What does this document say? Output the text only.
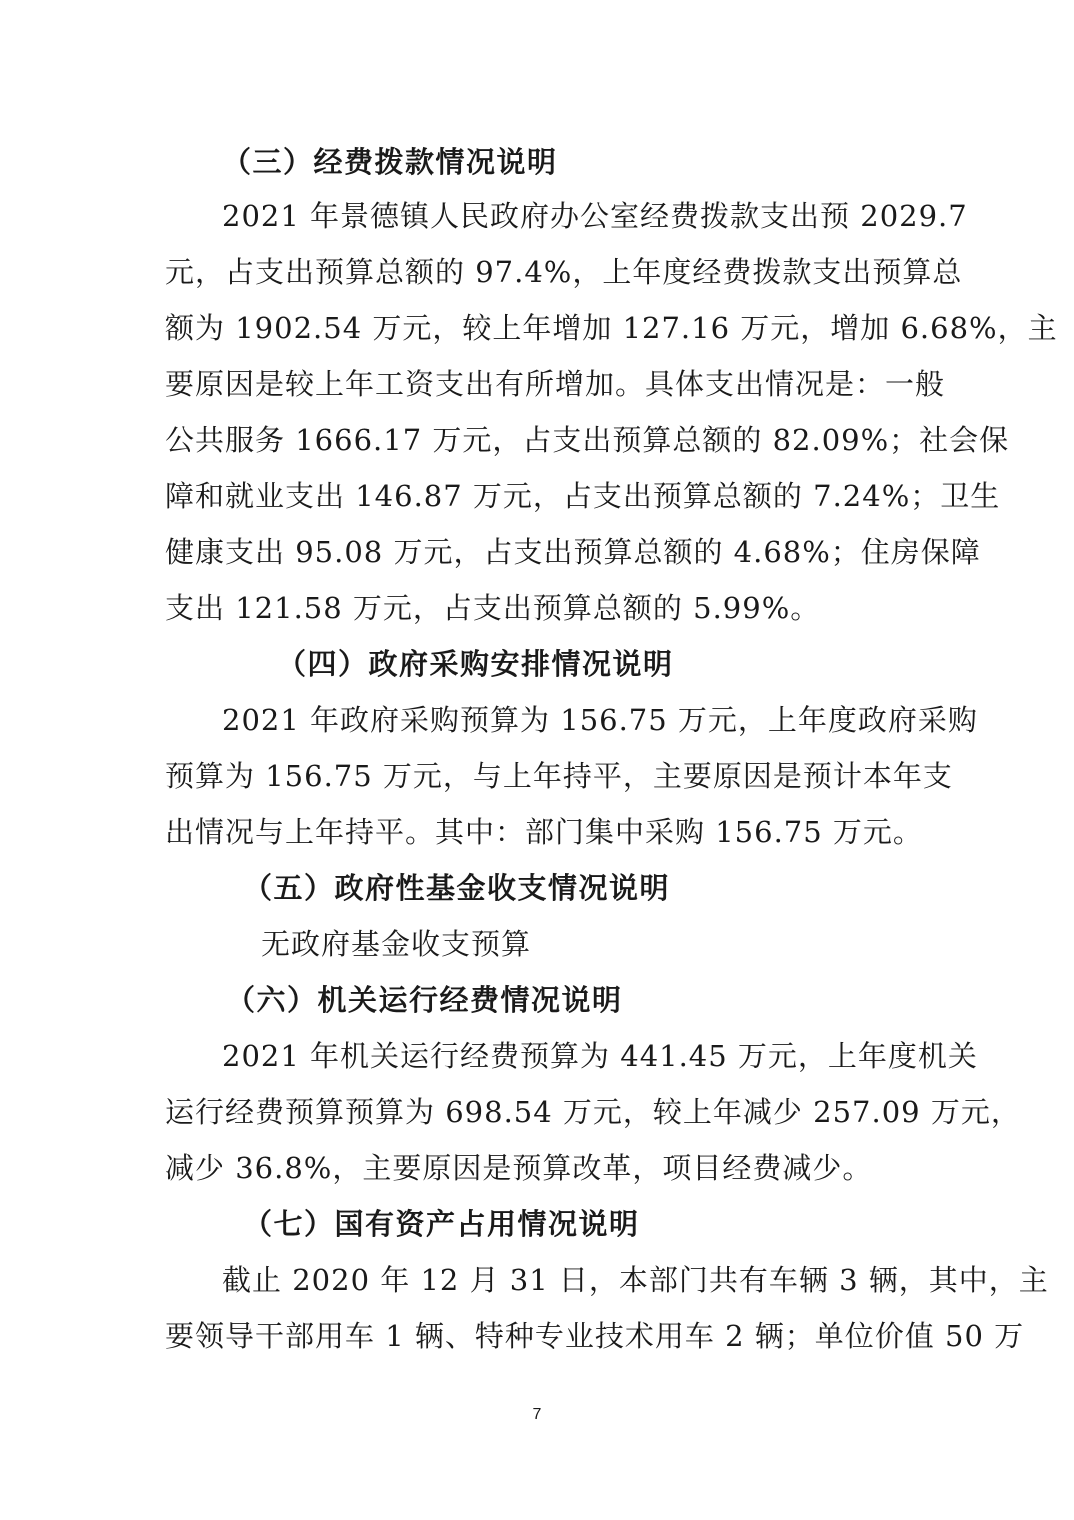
（三）经费拨款情况说明
2021 年景德镇人民政府办公室经费拨款支出预 2029.7
元，占支出预算总额的 97.4%，上年度经费拨款支出预算总
额为 1902.54 万元，较上年增加 127.16 万元，增加 6.68%，主
要原因是较上年工资支出有所增加。具体支出情况是：一般
公共服务 1666.17 万元，占支出预算总额的 82.09%；社会保
障和就业支出 146.87 万元，占支出预算总额的 7.24%；卫生
健康支出 95.08 万元，占支出预算总额的 4.68%；住房保障
支出 121.58 万元，占支出预算总额的 5.99%。
（四）政府采购安排情况说明
2021 年政府采购预算为 156.75 万元，上年度政府采购
预算为 156.75 万元，与上年持平，主要原因是预计本年支
出情况与上年持平。其中：部门集中采购 156.75 万元。
（五）政府性基金收支情况说明
无政府基金收支预算
（六）机关运行经费情况说明
2021 年机关运行经费预算为 441.45 万元，上年度机关
运行经费预算预算为 698.54 万元，较上年减少 257.09 万元，
减少 36.8%，主要原因是预算改革，项目经费减少。
（七）国有资产占用情况说明
截止 2020 年 12 月 31 日，本部门共有车辆 3 辆，其中，主
要领导干部用车 1 辆、特种专业技术用车 2 辆；单位价值 50 万
7
